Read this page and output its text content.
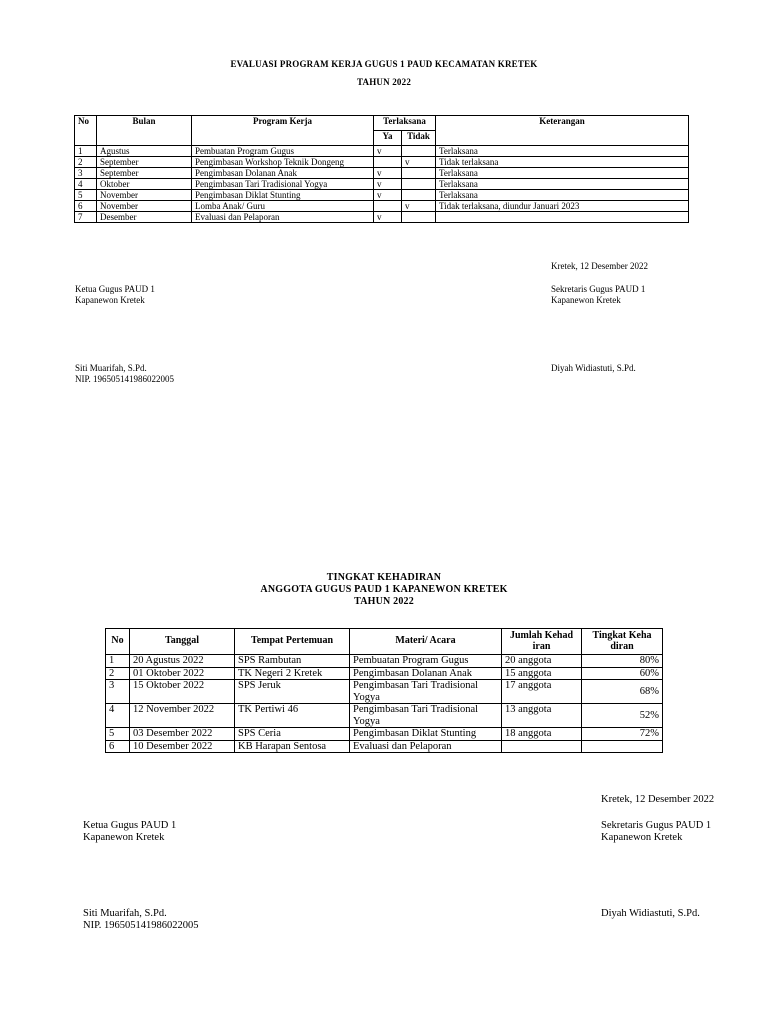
EVALUASI PROGRAM KERJA GUGUS 1 PAUD KECAMATAN KRETEK
TAHUN 2022
No	Bulan	Program Kerja	Terlaksana		Keterangan
			Ya	Tidak	
1	Agustus	Pembuatan Program Gugus	v		Terlaksana
2	September	Pengimbasan Workshop Teknik Dongeng		v	Tidak terlaksana
3	September	Pengimbasan Dolanan Anak	v		Terlaksana
4	Oktober	Pengimbasan Tari Tradisional Yogya	v		Terlaksana
5	November	Pengimbasan Diklat Stunting	v		Terlaksana
6	November	Lomba Anak/ Guru		v	Tidak terlaksana, diundur Januari 2023
7	Desember	Evaluasi dan Pelaporan	v		
Kretek, 12 Desember 2022
Ketua Gugus PAUD 1
Kapanewon Kretek
Sekretaris Gugus PAUD 1
Kapanewon Kretek
Siti Muarifah, S.Pd.
NIP. 196505141986022005
Diyah Widiastuti, S.Pd.
TINGKAT KEHADIRAN
ANGGOTA GUGUS PAUD 1 KAPANEWON KRETEK
TAHUN 2022
No	Tanggal	Tempat Pertemuan	Materi/ Acara	Jumlah Kehad
iran	Tingkat Keha
diran
1	20 Agustus 2022	SPS Rambutan	Pembuatan Program Gugus	20 anggota	80%
2	01 Oktober 2022	TK Negeri 2 Kretek	Pengimbasan Dolanan Anak	15 anggota	60%
3	15 Oktober 2022	SPS Jeruk	Pengimbasan Tari Tradisional Yogya	17 anggota	68%
4	12 November 2022	TK Pertiwi 46	Pengimbasan Tari Tradisional Yogya	13 anggota	52%
5	03 Desember 2022	SPS Ceria	Pengimbasan Diklat Stunting	18 anggota	72%
6	10 Desember 2022	KB Harapan Sentosa	Evaluasi dan Pelaporan		
Kretek, 12 Desember 2022
Ketua Gugus PAUD 1
Kapanewon Kretek
Sekretaris Gugus PAUD 1
Kapanewon Kretek
Siti Muarifah, S.Pd.
NIP. 196505141986022005
Diyah Widiastuti, S.Pd.
